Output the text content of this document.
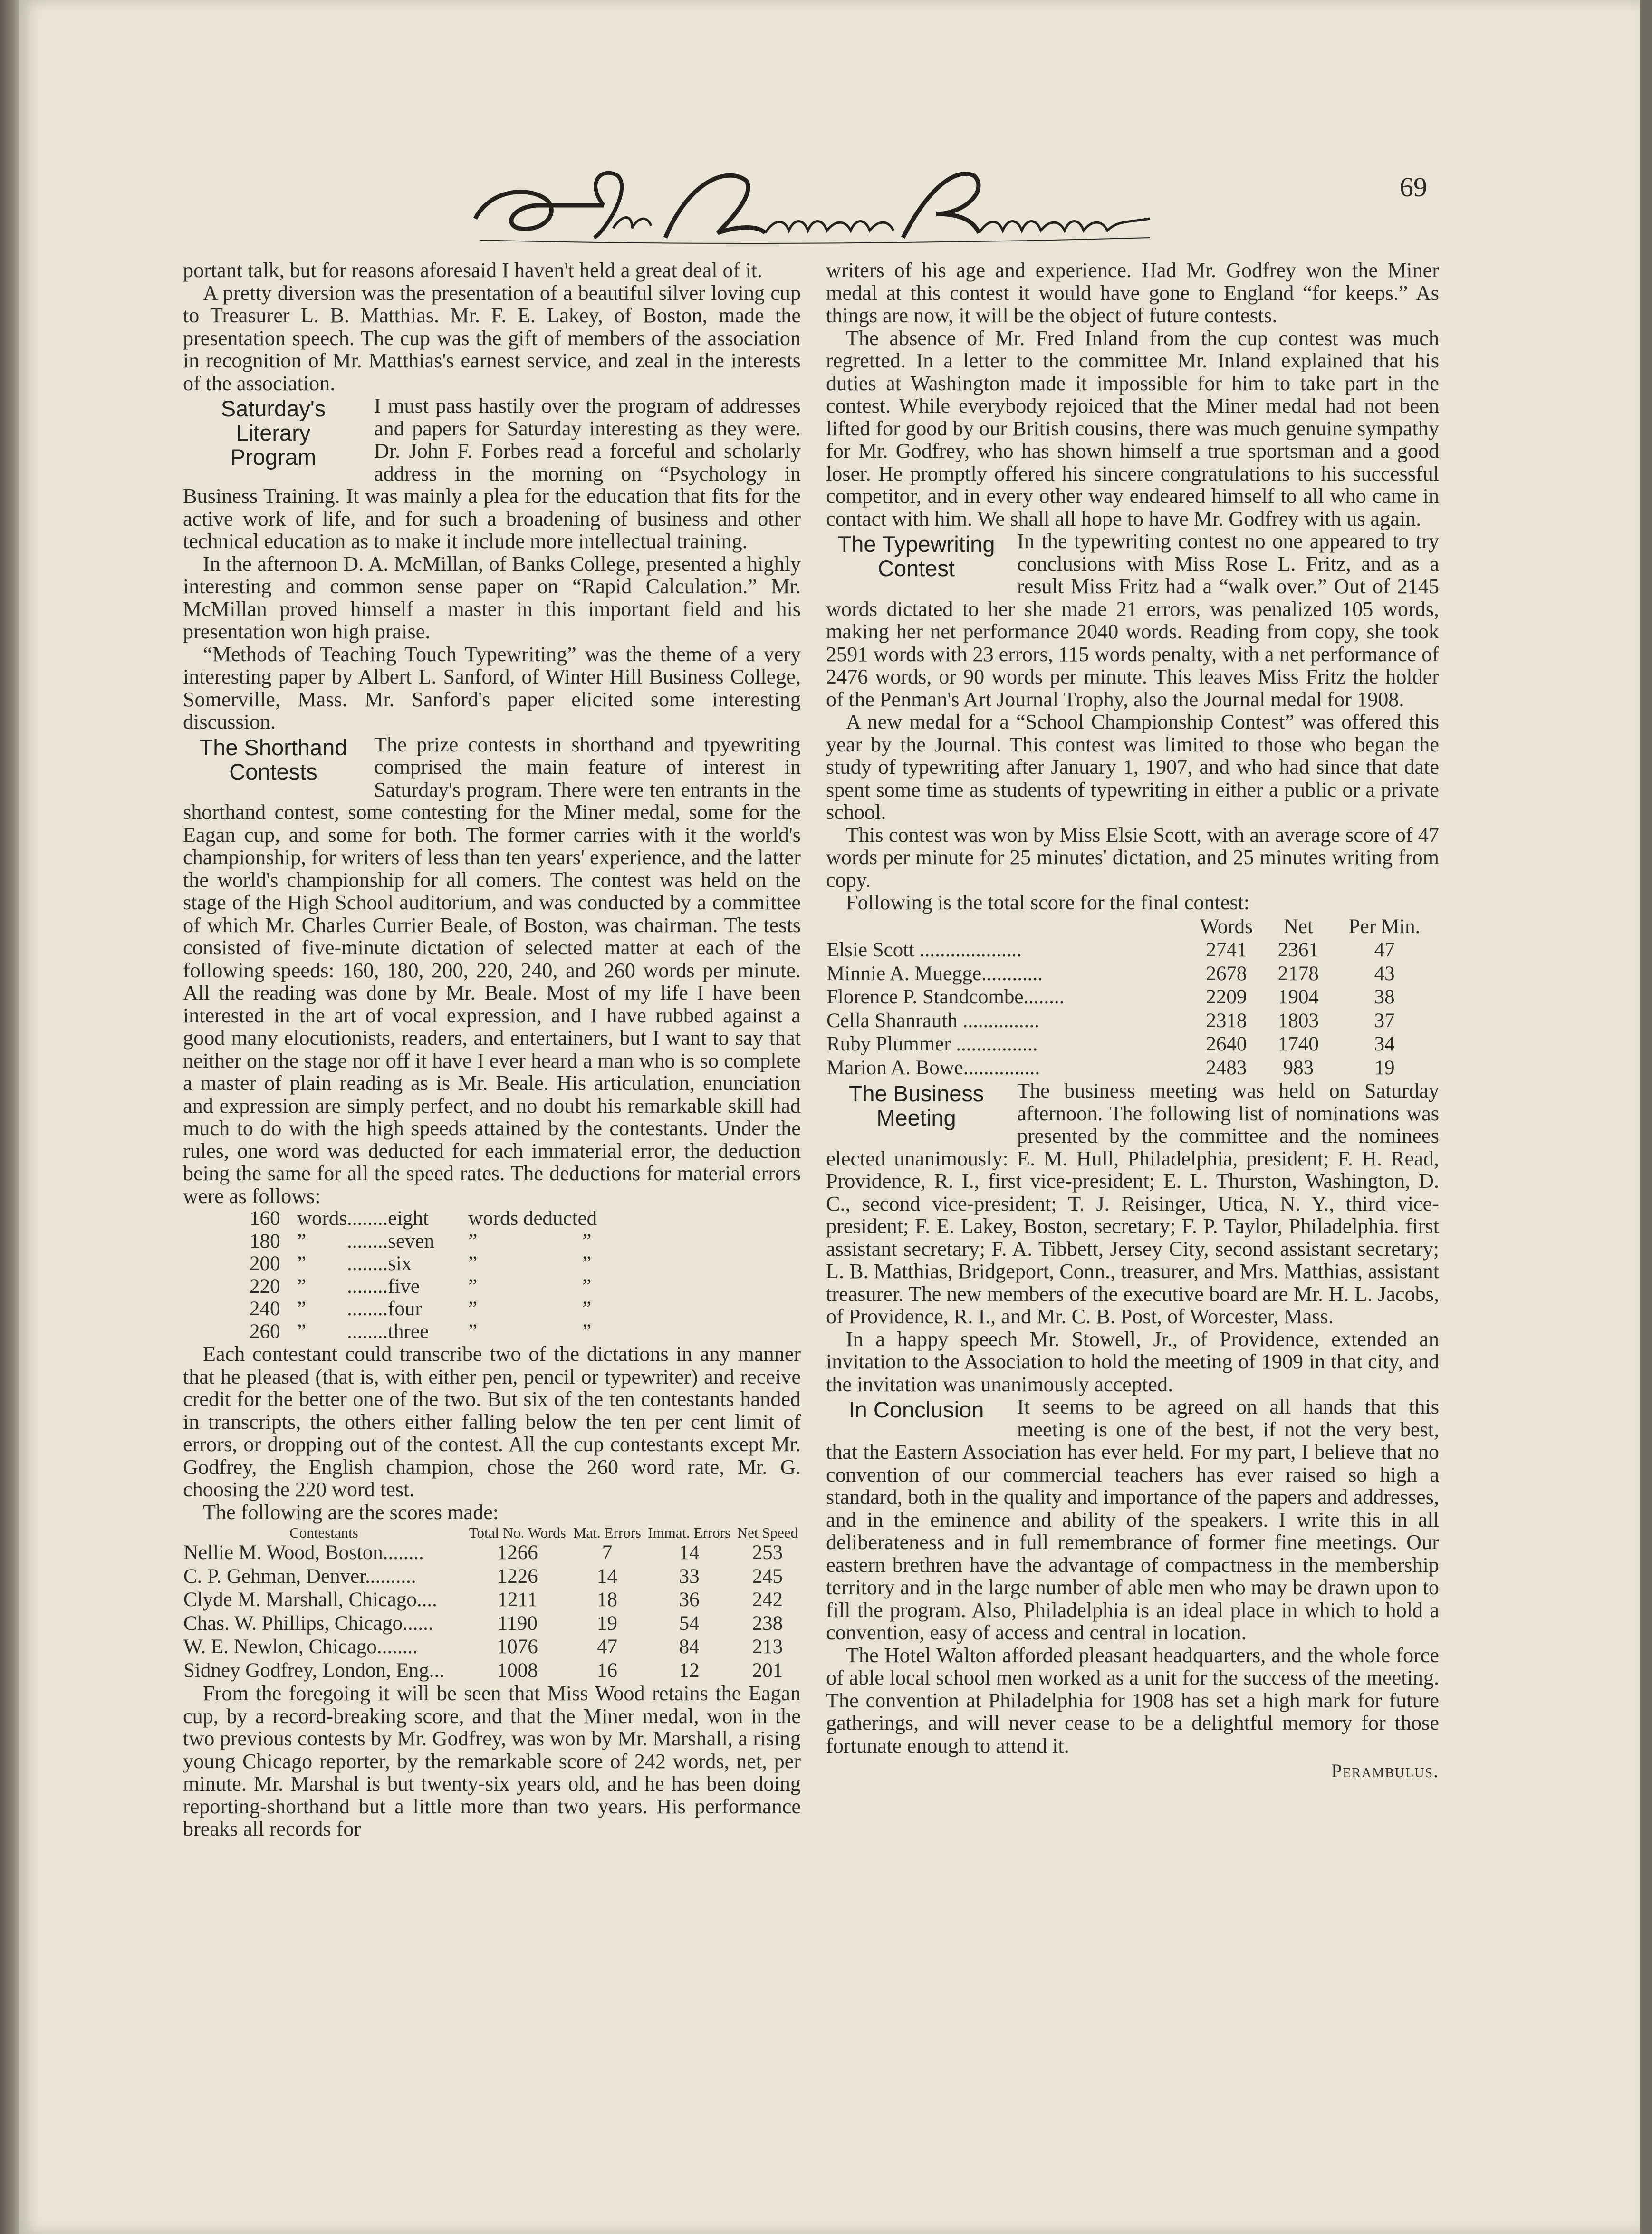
69

portant talk, but for reasons aforesaid I haven't held a great deal of it.

A pretty diversion was the presentation of a beautiful silver loving cup to Treasurer L. B. Matthias. Mr. F. E. Lakey, of Boston, made the presentation speech. The cup was the gift of members of the association in recognition of Mr. Matthias's earnest service, and zeal in the interests of the association.

Saturday's Literary
Program

I must pass hastily over the program of addresses and papers for Saturday interesting as they were. Dr. John F. Forbes read a forceful and scholarly address in the morning on “Psychology in Business Training. It was mainly a plea for the education that fits for the active work of life, and for such a broadening of business and other technical education as to make it include more intellectual training.

In the afternoon D. A. McMillan, of Banks College, presented a highly interesting and common sense paper on “Rapid Calculation.” Mr. McMillan proved himself a master in this important field and his presentation won high praise.

“Methods of Teaching Touch Typewriting” was the theme of a very interesting paper by Albert L. Sanford, of Winter Hill Business College, Somerville, Mass. Mr. Sanford's paper elicited some interesting discussion.

The Shorthand
Contests

The prize contests in shorthand and tpyewriting comprised the main feature of interest in Saturday's program. There were ten entrants in the shorthand contest, some contesting for the Miner medal, some for the Eagan cup, and some for both. The former carries with it the world's championship, for writers of less than ten years' experience, and the latter the world's championship for all comers. The contest was held on the stage of the High School auditorium, and was conducted by a committee of which Mr. Charles Currier Beale, of Boston, was chairman. The tests consisted of five-minute dictation of selected matter at each of the following speeds: 160, 180, 200, 220, 240, and 260 words per minute. All the reading was done by Mr. Beale. Most of my life I have been interested in the art of vocal expression, and I have rubbed against a good many elocutionists, readers, and entertainers, but I want to say that neither on the stage nor off it have I ever heard a man who is so complete a master of plain reading as is Mr. Beale. His articulation, enunciation and expression are simply perfect, and no doubt his remarkable skill had much to do with the high speeds attained by the contestants. Under the rules, one word was deducted for each immaterial error, the deduction being the same for all the speed rates. The deductions for material errors were as follows:

160	words	........eight	words deducted	
180	”	........seven	”	”
200	”	........six	”	”
220	”	........five	”	”
240	”	........four	”	”
260	”	........three	”	”

Each contestant could transcribe two of the dictations in any manner that he pleased (that is, with either pen, pencil or typewriter) and receive credit for the better one of the two. But six of the ten contestants handed in transcripts, the others either falling below the ten per cent limit of errors, or dropping out of the contest. All the cup contestants except Mr. Godfrey, the English champion, chose the 260 word rate, Mr. G. choosing the 220 word test.

The following are the scores made:

Contestants	Total No. Words	Mat. Errors	Immat. Errors	Net Speed
Nellie M. Wood, Boston........	1266	7	14	253
C. P. Gehman, Denver..........	1226	14	33	245
Clyde M. Marshall, Chicago....	1211	18	36	242
Chas. W. Phillips, Chicago......	1190	19	54	238
W. E. Newlon, Chicago........	1076	47	84	213
Sidney Godfrey, London, Eng...	1008	16	12	201

From the foregoing it will be seen that Miss Wood retains the Eagan cup, by a record-breaking score, and that the Miner medal, won in the two previous contests by Mr. Godfrey, was won by Mr. Marshall, a rising young Chicago reporter, by the remarkable score of 242 words, net, per minute. Mr. Marshal is but twenty-six years old, and he has been doing reporting-shorthand but a little more than two years. His performance breaks all records for

writers of his age and experience. Had Mr. Godfrey won the Miner medal at this contest it would have gone to England “for keeps.” As things are now, it will be the object of future contests.

The absence of Mr. Fred Inland from the cup contest was much regretted. In a letter to the committee Mr. Inland explained that his duties at Washington made it impossible for him to take part in the contest. While everybody rejoiced that the Miner medal had not been lifted for good by our British cousins, there was much genuine sympathy for Mr. Godfrey, who has shown himself a true sportsman and a good loser. He promptly offered his sincere congratulations to his successful competitor, and in every other way endeared himself to all who came in contact with him. We shall all hope to have Mr. Godfrey with us again.

The Typewriting
Contest

In the typewriting contest no one appeared to try conclusions with Miss Rose L. Fritz, and as a result Miss Fritz had a “walk over.” Out of 2145 words dictated to her she made 21 errors, was penalized 105 words, making her net performance 2040 words. Reading from copy, she took 2591 words with 23 errors, 115 words penalty, with a net performance of 2476 words, or 90 words per minute. This leaves Miss Fritz the holder of the Penman's Art Journal Trophy, also the Journal medal for 1908.

A new medal for a “School Championship Contest” was offered this year by the Journal. This contest was limited to those who began the study of typewriting after January 1, 1907, and who had since that date spent some time as students of typewriting in either a public or a private school.

This contest was won by Miss Elsie Scott, with an average score of 47 words per minute for 25 minutes' dictation, and 25 minutes writing from copy.

Following is the total score for the final contest:

	Words	Net	Per Min.
Elsie Scott ....................	2741	2361	47
Minnie A. Muegge............	2678	2178	43
Florence P. Standcombe........	2209	1904	38
Cella Shanrauth ...............	2318	1803	37
Ruby Plummer ................	2640	1740	34
Marion A. Bowe...............	2483	983	19
The Business
Meeting

The business meeting was held on Saturday afternoon. The following list of nominations was presented by the committee and the nominees elected unanimously: E. M. Hull, Philadelphia, president; F. H. Read, Providence, R. I., first vice-president; E. L. Thurston, Washington, D. C., second vice-president; T. J. Reisinger, Utica, N. Y., third vice-president; F. E. Lakey, Boston, secretary; F. P. Taylor, Philadelphia. first assistant secretary; F. A. Tibbett, Jersey City, second assistant secretary; L. B. Matthias, Bridgeport, Conn., treasurer, and Mrs. Matthias, assistant treasurer. The new members of the executive board are Mr. H. L. Jacobs, of Providence, R. I., and Mr. C. B. Post, of Worcester, Mass.

In a happy speech Mr. Stowell, Jr., of Providence, extended an invitation to the Association to hold the meeting of 1909 in that city, and the invitation was unanimously accepted.

In Conclusion	It seems to be agreed on all hands that this meeting is one of the best, if not the very best, that the Eastern Association has ever held. For my part, I believe that no convention of our commercial teachers has ever raised so high a standard, both in the quality and importance of the papers and addresses, and in the eminence and ability of the speakers. I write this in all deliberateness and in full remembrance of former fine meetings. Our eastern brethren have the advantage of compactness in the membership territory and in the large number of able men who may be drawn upon to fill the program. Also, Philadelphia is an ideal place in which to hold a convention, easy of access and central in location.

The Hotel Walton afforded pleasant headquarters, and the whole force of able local school men worked as a unit for the success of the meeting. The convention at Philadelphia for 1908 has set a high mark for future gatherings, and will never cease to be a delightful memory for those fortunate enough to attend it.

Perambulus.
